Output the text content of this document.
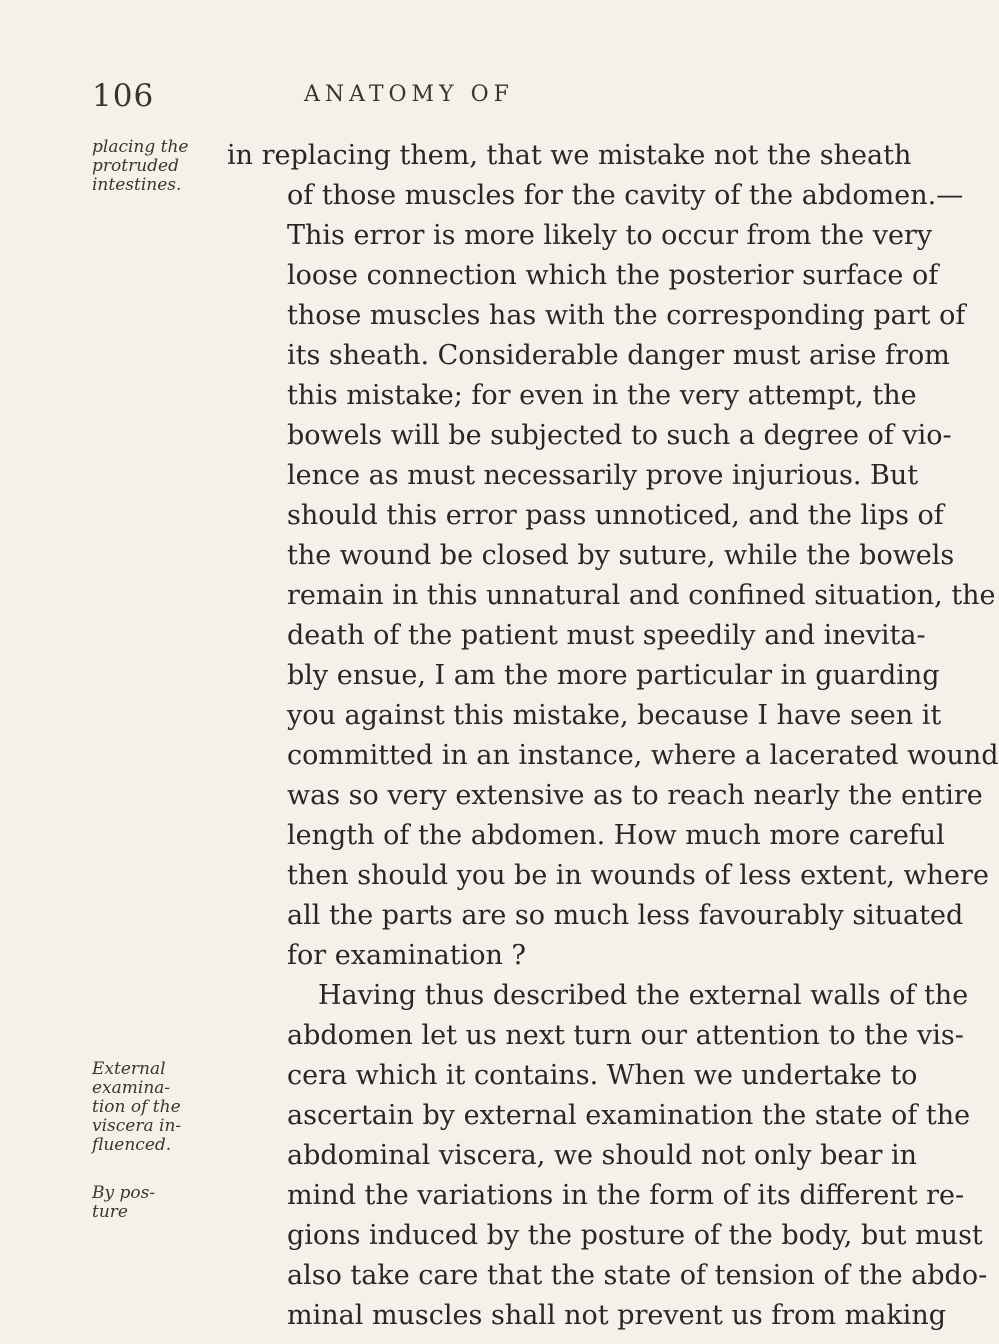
106	ANATOMY OF
in replacing them, that we mistake not the sheath
of those muscles for the cavity of the abdomen.—
This error is more likely to occur from the very
loose connection which the posterior surface of
those muscles has with the corresponding part of
its sheath. Considerable danger must arise from
this mistake; for even in the very attempt, the
bowels will be subjected to such a degree of vio-
lence as must necessarily prove injurious. But
should this error pass unnoticed, and the lips of
the wound be closed by suture, while the bowels
remain in this unnatural and confined situation, the
death of the patient must speedily and inevita-
bly ensue, I am the more particular in guarding
you against this mistake, because I have seen it
committed in an instance, where a lacerated wound
was so very extensive as to reach nearly the entire
length of the abdomen. How much more careful
then should you be in wounds of less extent, where
all the parts are so much less favourably situated
for examination ?
Having thus described the external walls of the
abdomen let us next turn our attention to the vis-
cera which it contains. When we undertake to
ascertain by external examination the state of the
abdominal viscera, we should not only bear in
mind the variations in the form of its different re-
gions induced by the posture of the body, but must
also take care that the state of tension of the abdo-
minal muscles shall not prevent us from making
placing the
protruded
intestines.
External
examina-
tion of the
viscera in-
fluenced.
By pos-
ture
